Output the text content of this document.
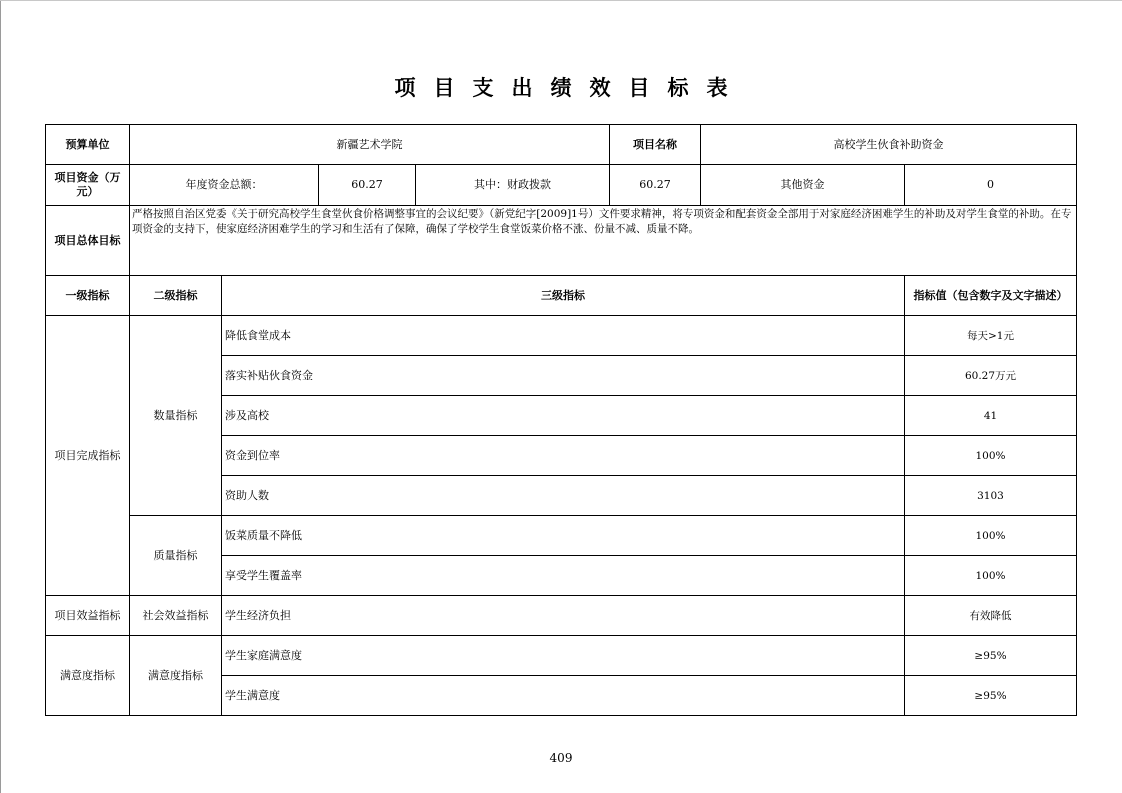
项 目 支 出 绩 效 目 标 表
预算单位	新疆艺术学院				项目名称	高校学生伙食补助资金	
项目资金（万元）	年度资金总额：		60.27	其中：财政拨款	60.27	其他资金	0
项目总体目标	严格按照自治区党委《关于研究高校学生食堂伙食价格调整事宜的会议纪要》（新党纪字[2009]1号）文件要求精神，将专项资金和配套资金全部用于对家庭经济困难学生的补助及对学生食堂的补助。在专项资金的支持下，使家庭经济困难学生的学习和生活有了保障，确保了学校学生食堂饭菜价格不涨、份量不减、质量不降。						
一级指标	二级指标	三级指标					指标值（包含数字及文字描述）
项目完成指标	数量指标	降低食堂成本					每天>1元
		落实补贴伙食资金					60.27万元
		涉及高校					41
		资金到位率					100%
		资助人数					3103
	质量指标	饭菜质量不降低					100%
		享受学生覆盖率					100%
项目效益指标	社会效益指标	学生经济负担					有效降低
满意度指标	满意度指标	学生家庭满意度					≥95%
		学生满意度					≥95%
409
